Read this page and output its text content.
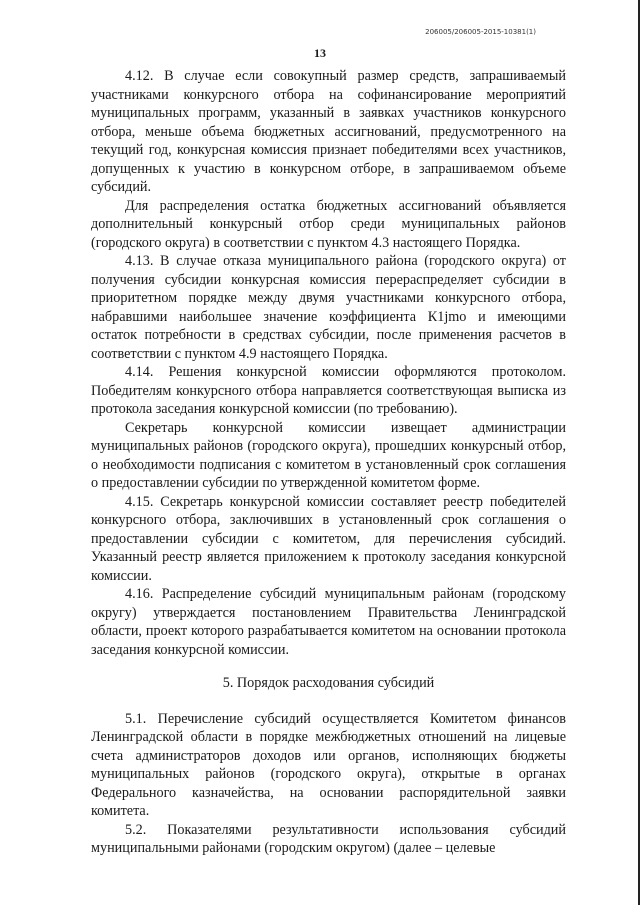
206005/206005-2015-10381(1)
13

4.12. В случае если совокупный размер средств, запрашиваемый участниками конкурсного отбора на софинансирование мероприятий муниципальных программ, указанный в заявках участников конкурсного отбора, меньше объема бюджетных ассигнований, предусмотренного на текущий год, конкурсная комиссия признает победителями всех участников, допущенных к участию в конкурсном отборе, в запрашиваемом объеме субсидий.

Для распределения остатка бюджетных ассигнований объявляется дополнительный конкурсный отбор среди муниципальных районов (городского округа) в соответствии с пунктом 4.3 настоящего Порядка.

4.13. В случае отказа муниципального района (городского округа) от получения субсидии конкурсная комиссия перераспределяет субсидии в приоритетном порядке между двумя участниками конкурсного отбора, набравшими наибольшее значение коэффициента К1jmo и имеющими остаток потребности в средствах субсидии, после применения расчетов в соответствии с пунктом 4.9 настоящего Порядка.

4.14. Решения конкурсной комиссии оформляются протоколом. Победителям конкурсного отбора направляется соответствующая выписка из протокола заседания конкурсной комиссии (по требованию).

Секретарь конкурсной комиссии извещает администрации муниципальных районов (городского округа), прошедших конкурсный отбор, о необходимости подписания с комитетом в установленный срок соглашения о предоставлении субсидии по утвержденной комитетом форме.

4.15. Секретарь конкурсной комиссии составляет реестр победителей конкурсного отбора, заключивших в установленный срок соглашения о предоставлении субсидии с комитетом, для перечисления субсидий. Указанный реестр является приложением к протоколу заседания конкурсной комиссии.

4.16. Распределение субсидий муниципальным районам (городскому округу) утверждается постановлением Правительства Ленинградской области, проект которого разрабатывается комитетом на основании протокола заседания конкурсной комиссии.

5. Порядок расходования субсидий

5.1. Перечисление субсидий осуществляется Комитетом финансов Ленинградской области в порядке межбюджетных отношений на лицевые счета администраторов доходов или органов, исполняющих бюджеты муниципальных районов (городского округа), открытые в органах Федерального казначейства, на основании распорядительной заявки комитета.

5.2. Показателями результативности использования субсидий муниципальными районами (городским округом) (далее – целевые
